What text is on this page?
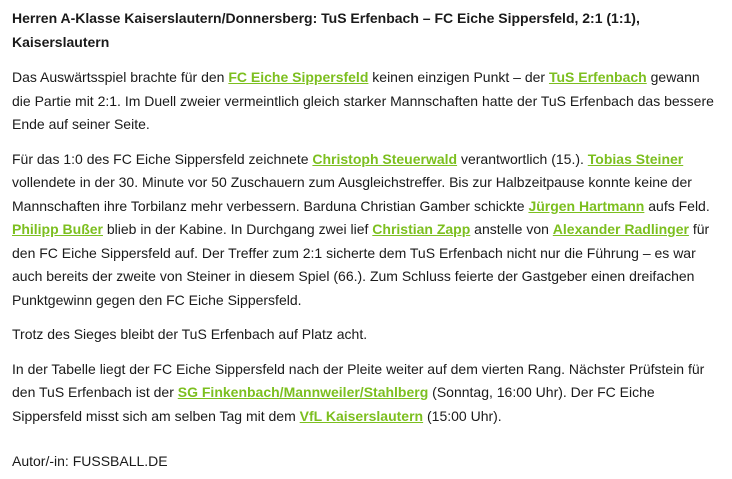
Herren A-Klasse Kaiserslautern/Donnersberg: TuS Erfenbach – FC Eiche Sippersfeld, 2:1 (1:1), Kaiserslautern

Das Auswärtsspiel brachte für den FC Eiche Sippersfeld keinen einzigen Punkt – der TuS Erfenbach gewann die Partie mit 2:1. Im Duell zweier vermeintlich gleich starker Mannschaften hatte der TuS Erfenbach das bessere Ende auf seiner Seite.

Für das 1:0 des FC Eiche Sippersfeld zeichnete Christoph Steuerwald verantwortlich (15.). Tobias Steiner vollendete in der 30. Minute vor 50 Zuschauern zum Ausgleichstreffer. Bis zur Halbzeitpause konnte keine der Mannschaften ihre Torbilanz mehr verbessern. Barduna Christian Gamber schickte Jürgen Hartmann aufs Feld. Philipp Bußer blieb in der Kabine. In Durchgang zwei lief Christian Zapp anstelle von Alexander Radlinger für den FC Eiche Sippersfeld auf. Der Treffer zum 2:1 sicherte dem TuS Erfenbach nicht nur die Führung – es war auch bereits der zweite von Steiner in diesem Spiel (66.). Zum Schluss feierte der Gastgeber einen dreifachen Punktgewinn gegen den FC Eiche Sippersfeld.

Trotz des Sieges bleibt der TuS Erfenbach auf Platz acht.

In der Tabelle liegt der FC Eiche Sippersfeld nach der Pleite weiter auf dem vierten Rang. Nächster Prüfstein für den TuS Erfenbach ist der SG Finkenbach/Mannweiler/Stahlberg (Sonntag, 16:00 Uhr). Der FC Eiche Sippersfeld misst sich am selben Tag mit dem VfL Kaiserslautern (15:00 Uhr).

Autor/-in: FUSSBALL.DE
